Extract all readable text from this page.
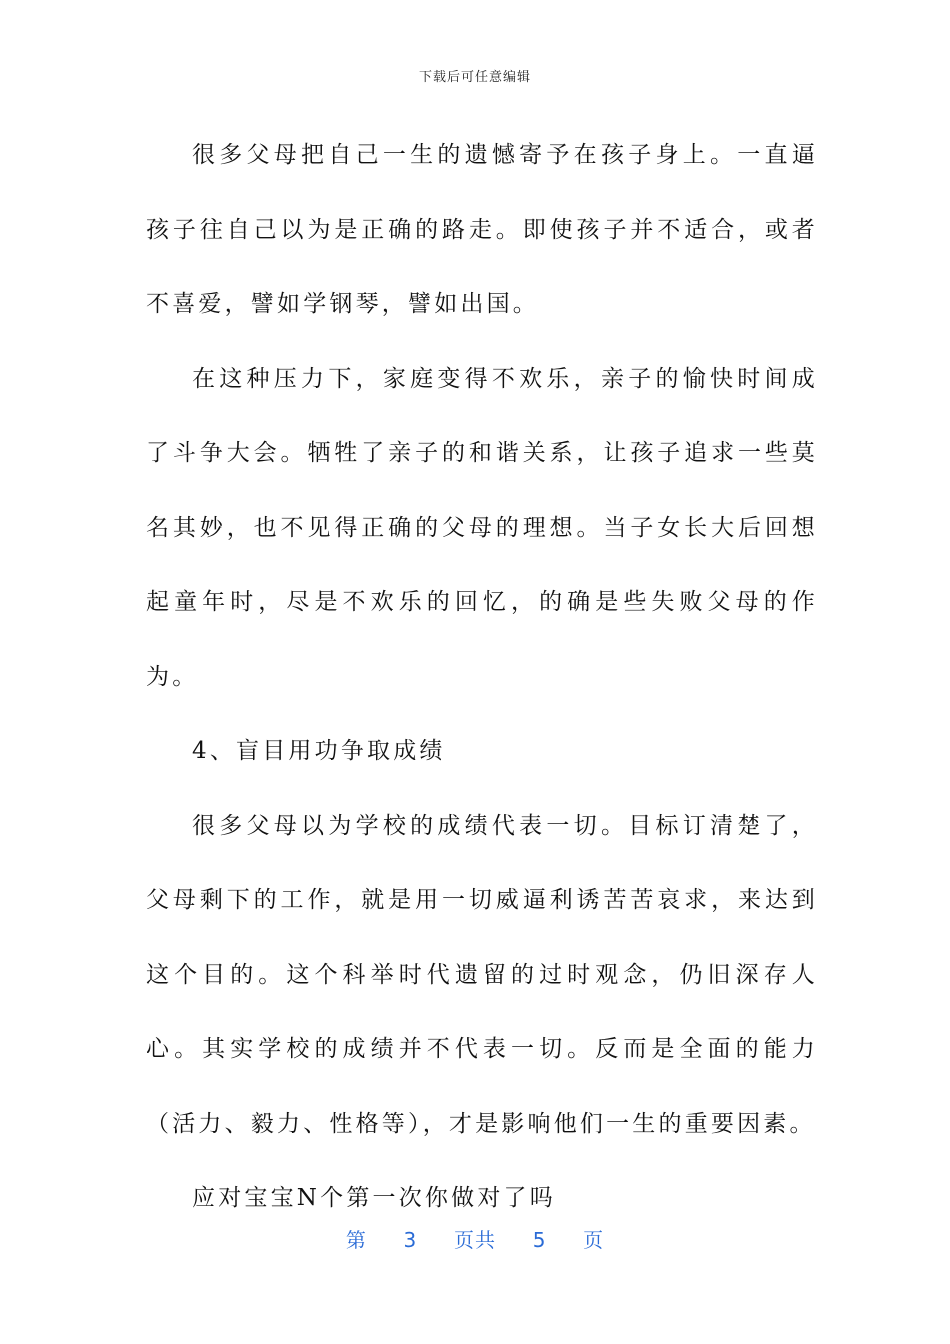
下载后可任意编辑

很多父母把自己一生的遗憾寄予在孩子身上。一直逼孩子往自己以为是正确的路走。即使孩子并不适合，或者不喜爱，譬如学钢琴，譬如出国。

在这种压力下，家庭变得不欢乐，亲子的愉快时间成了斗争大会。牺牲了亲子的和谐关系，让孩子追求一些莫名其妙，也不见得正确的父母的理想。当子女长大后回想起童年时，尽是不欢乐的回忆，的确是些失败父母的作为。

4、盲目用功争取成绩

很多父母以为学校的成绩代表一切。目标订清楚了，父母剩下的工作，就是用一切威逼利诱苦苦哀求，来达到这个目的。这个科举时代遗留的过时观念，仍旧深存人心。其实学校的成绩并不代表一切。反而是全面的能力（活力、毅力、性格等），才是影响他们一生的重要因素。

应对宝宝N个第一次你做对了吗

第 3 页共 5 页
